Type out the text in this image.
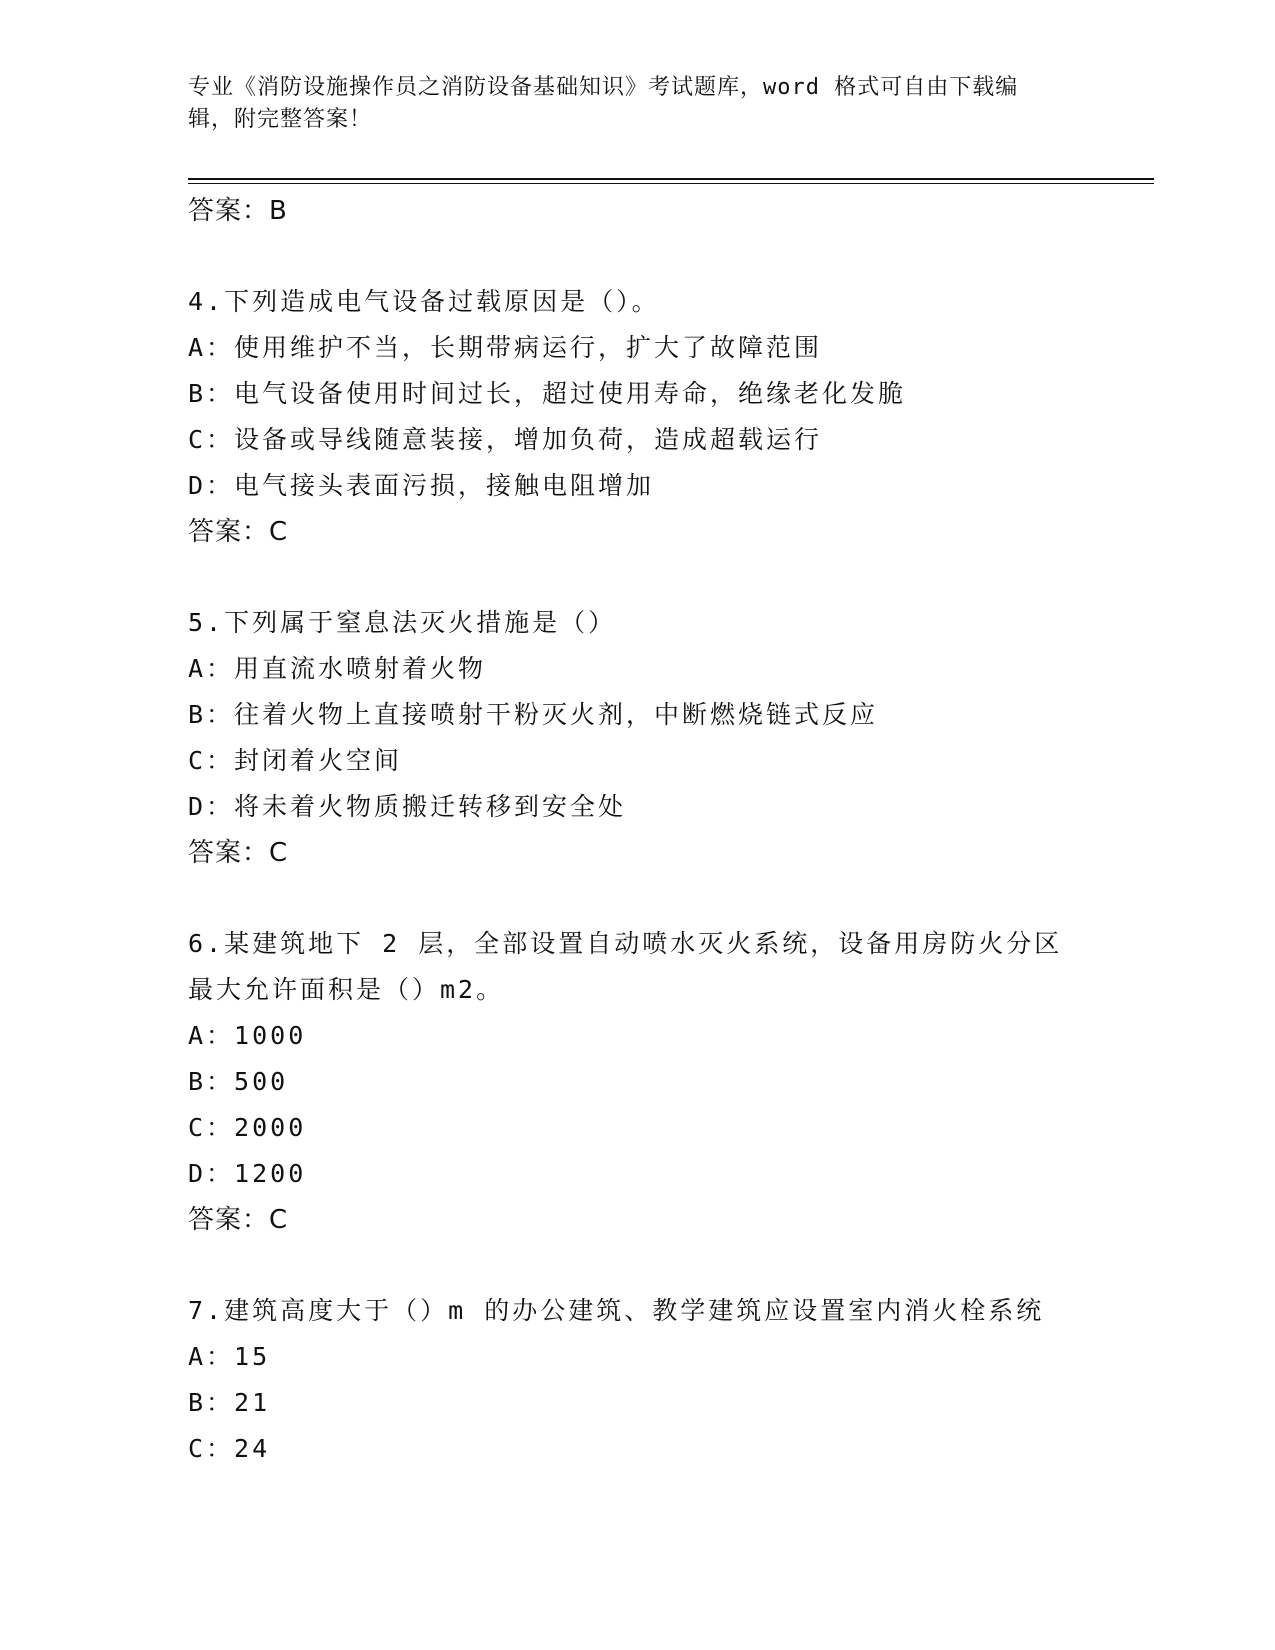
专业《消防设施操作员之消防设备基础知识》考试题库，word 格式可自由下载编
辑，附完整答案！
答案：B
4.下列造成电气设备过载原因是（）。
A：使用维护不当，长期带病运行，扩大了故障范围
B：电气设备使用时间过长，超过使用寿命，绝缘老化发脆
C：设备或导线随意装接，增加负荷，造成超载运行
D：电气接头表面污损，接触电阻增加
答案：C
5.下列属于窒息法灭火措施是（）
A：用直流水喷射着火物
B：往着火物上直接喷射干粉灭火剂，中断燃烧链式反应
C：封闭着火空间
D：将未着火物质搬迁转移到安全处
答案：C
6.某建筑地下 2 层，全部设置自动喷水灭火系统，设备用房防火分区
最大允许面积是（）m2。
A：1000
B：500
C：2000
D：1200
答案：C
7.建筑高度大于（）m 的办公建筑、教学建筑应设置室内消火栓系统
A：15
B：21
C：24
